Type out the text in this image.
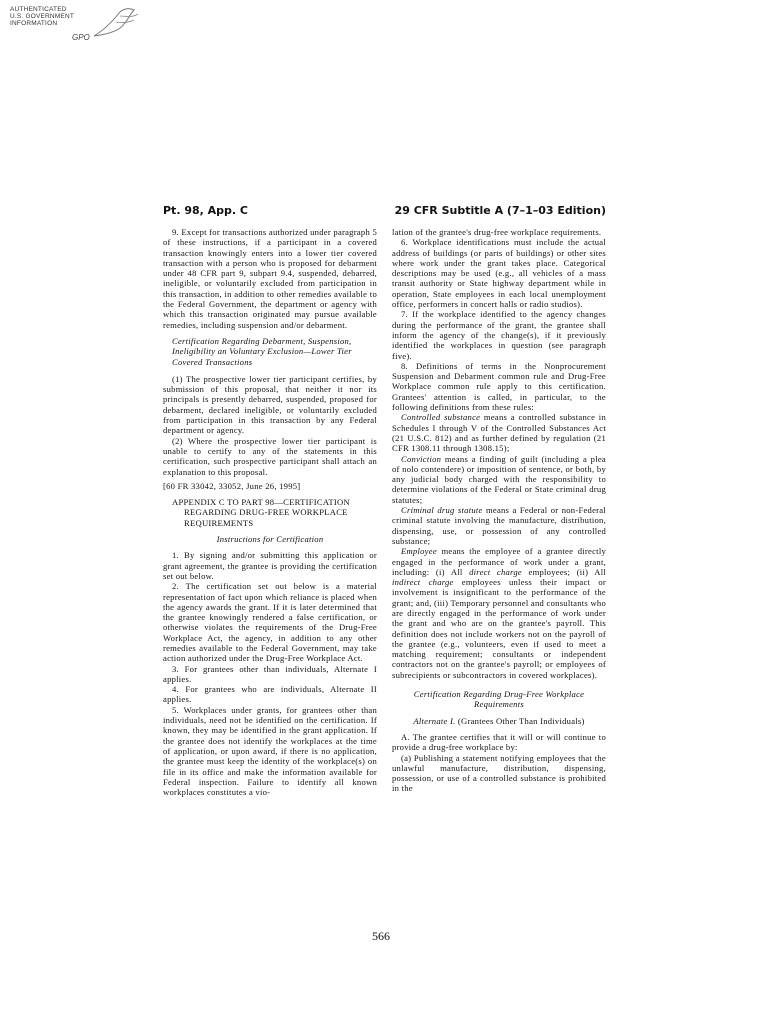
AUTHENTICATED
U.S. GOVERNMENT
INFORMATION
GPO
Pt. 98, App. C	29 CFR Subtitle A (7–1–03 Edition)

9. Except for transactions authorized under paragraph 5 of these instructions, if a participant in a covered transaction knowingly enters into a lower tier covered transaction with a person who is proposed for debarment under 48 CFR part 9, subpart 9.4, suspended, debarred, ineligible, or voluntarily excluded from participation in this transaction, in addition to other remedies available to the Federal Government, the department or agency with which this transaction originated may pursue available remedies, including suspension and/or debarment.

Certification Regarding Debarment, Suspension, Ineligibility an Voluntary Exclusion—Lower Tier Covered Transactions

(1) The prospective lower tier participant certifies, by submission of this proposal, that neither it nor its principals is presently debarred, suspended, proposed for debarment, declared ineligible, or voluntarily excluded from participation in this transaction by any Federal department or agency.

(2) Where the prospective lower tier participant is unable to certify to any of the statements in this certification, such prospective participant shall attach an explanation to this proposal.

[60 FR 33042, 33052, June 26, 1995]

APPENDIX C TO PART 98—CERTIFICATION
REGARDING DRUG-FREE WORKPLACE
REQUIREMENTS

Instructions for Certification

1. By signing and/or submitting this application or grant agreement, the grantee is providing the certification set out below.

2. The certification set out below is a material representation of fact upon which reliance is placed when the agency awards the grant. If it is later determined that the grantee knowingly rendered a false certification, or otherwise violates the requirements of the Drug-Free Workplace Act, the agency, in addition to any other remedies available to the Federal Government, may take action authorized under the Drug-Free Workplace Act.

3. For grantees other than individuals, Alternate I applies.

4. For grantees who are individuals, Alternate II applies.

5. Workplaces under grants, for grantees other than individuals, need not be identified on the certification. If known, they may be identified in the grant application. If the grantee does not identify the workplaces at the time of application, or upon award, if there is no application, the grantee must keep the identity of the workplace(s) on file in its office and make the information available for Federal inspection. Failure to identify all known workplaces constitutes a vio-

lation of the grantee's drug-free workplace requirements.

6. Workplace identifications must include the actual address of buildings (or parts of buildings) or other sites where work under the grant takes place. Categorical descriptions may be used (e.g., all vehicles of a mass transit authority or State highway department while in operation, State employees in each local unemployment office, performers in concert halls or radio studios).

7. If the workplace identified to the agency changes during the performance of the grant, the grantee shall inform the agency of the change(s), if it previously identified the workplaces in question (see paragraph five).

8. Definitions of terms in the Nonprocurement Suspension and Debarment common rule and Drug-Free Workplace common rule apply to this certification. Grantees' attention is called, in particular, to the following definitions from these rules:

Controlled substance means a controlled substance in Schedules I through V of the Controlled Substances Act (21 U.S.C. 812) and as further defined by regulation (21 CFR 1308.11 through 1308.15);

Conviction means a finding of guilt (including a plea of nolo contendere) or imposition of sentence, or both, by any judicial body charged with the responsibility to determine violations of the Federal or State criminal drug statutes;

Criminal drug statute means a Federal or non-Federal criminal statute involving the manufacture, distribution, dispensing, use, or possession of any controlled substance;

Employee means the employee of a grantee directly engaged in the performance of work under a grant, including: (i) All direct charge employees; (ii) All indirect charge employees unless their impact or involvement is insignificant to the performance of the grant; and, (iii) Temporary personnel and consultants who are directly engaged in the performance of work under the grant and who are on the grantee's payroll. This definition does not include workers not on the payroll of the grantee (e.g., volunteers, even if used to meet a matching requirement; consultants or independent contractors not on the grantee's payroll; or employees of subrecipients or subcontractors in covered workplaces).

Certification Regarding Drug-Free Workplace Requirements

Alternate I. (Grantees Other Than Individuals)

A. The grantee certifies that it will or will continue to provide a drug-free workplace by:

(a) Publishing a statement notifying employees that the unlawful manufacture, distribution, dispensing, possession, or use of a controlled substance is prohibited in the

566
